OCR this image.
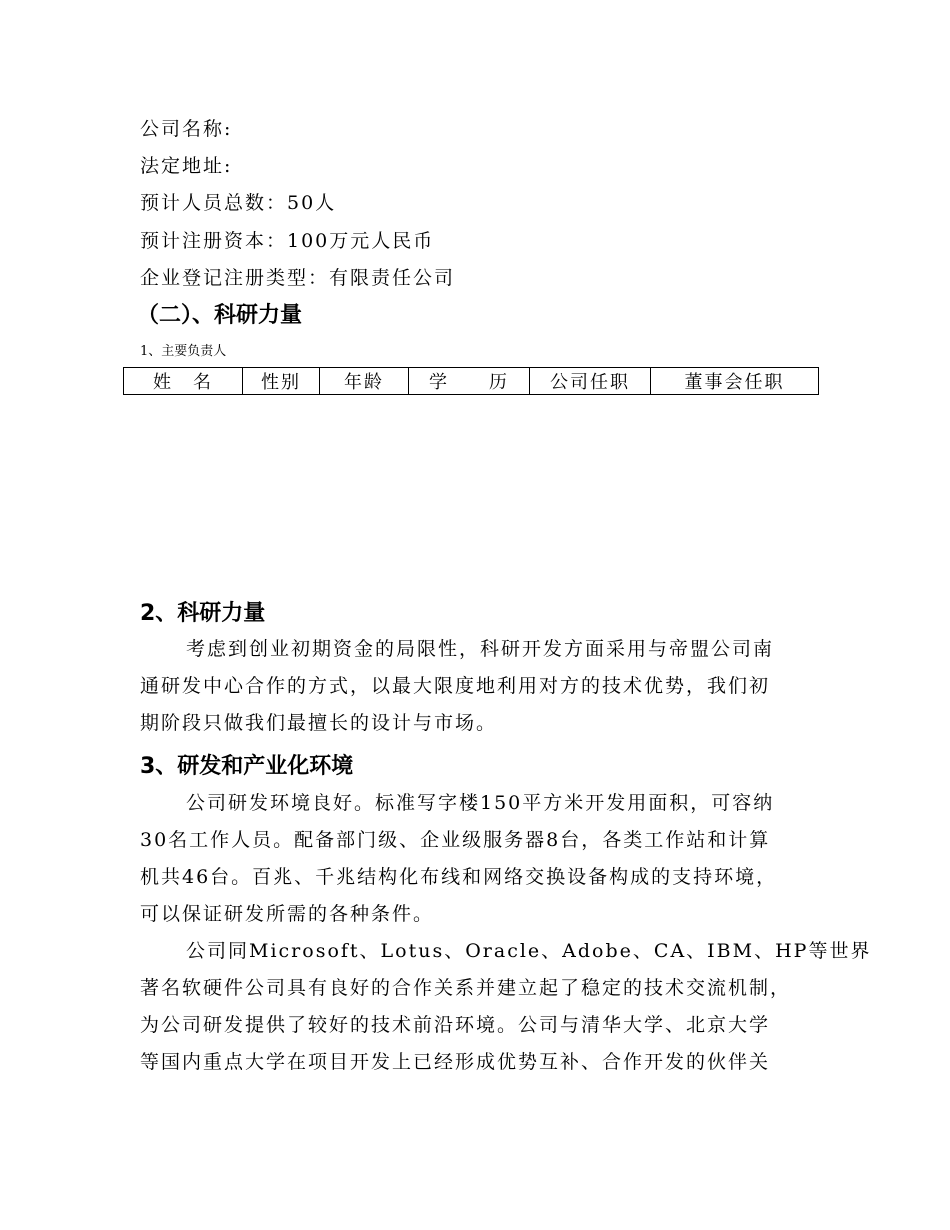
公司名称:
法定地址:
预计人员总数：50人
预计注册资本：100万元人民币
企业登记注册类型：有限责任公司
（二）、科研力量
1、主要负责人
姓　名	性别	年龄	学　　历	公司任职	董事会任职
2、科研力量
考虑到创业初期资金的局限性，科研开发方面采用与帝盟公司南
通研发中心合作的方式，以最大限度地利用对方的技术优势，我们初
期阶段只做我们最擅长的设计与市场。
3、研发和产业化环境
公司研发环境良好。标准写字楼150平方米开发用面积，可容纳
30名工作人员。配备部门级、企业级服务器8台，各类工作站和计算
机共46台。百兆、千兆结构化布线和网络交换设备构成的支持环境，
可以保证研发所需的各种条件。
公司同Microsoft、Lotus、Oracle、Adobe、CA、IBM、HP等世界
著名软硬件公司具有良好的合作关系并建立起了稳定的技术交流机制，
为公司研发提供了较好的技术前沿环境。公司与清华大学、北京大学
等国内重点大学在项目开发上已经形成优势互补、合作开发的伙伴关
